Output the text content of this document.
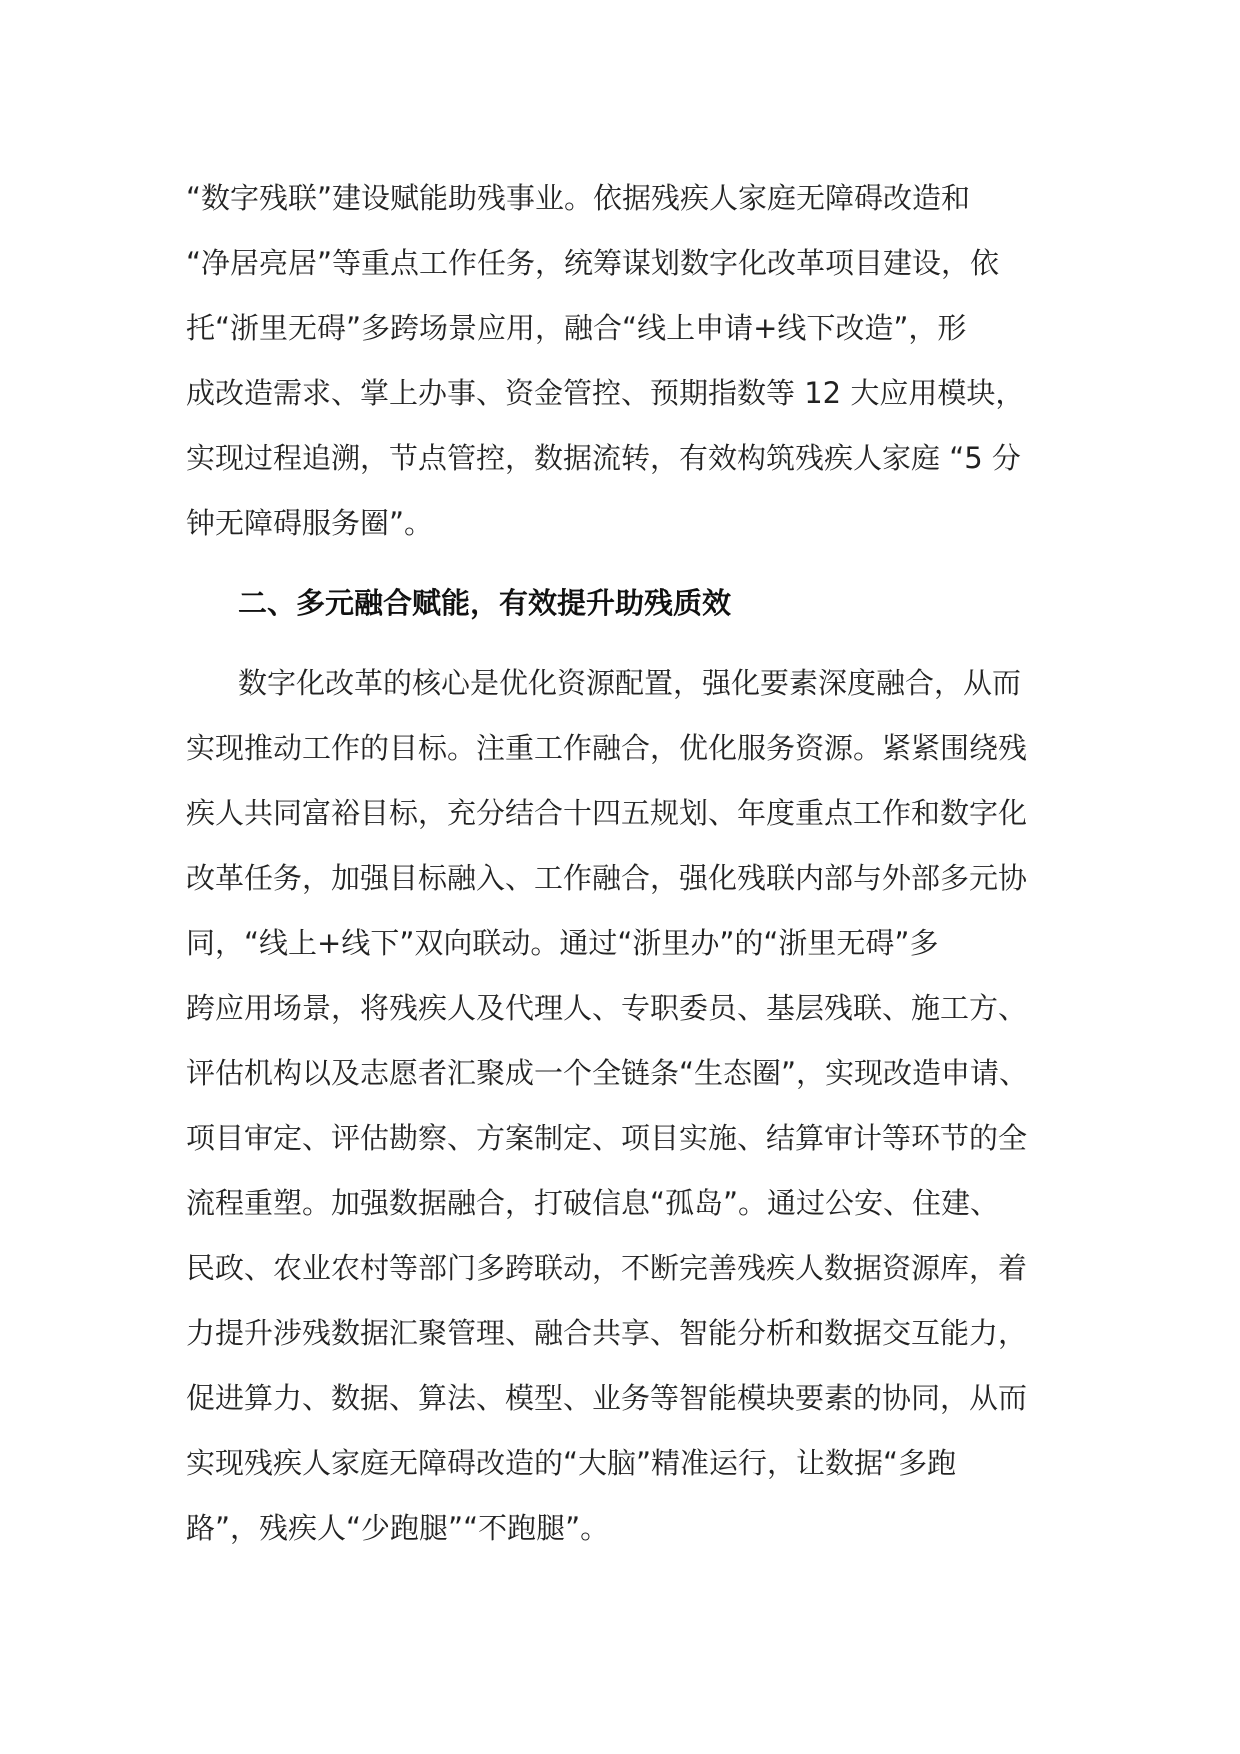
“数字残联”建设赋能助残事业。依据残疾人家庭无障碍改造和
“净居亮居”等重点工作任务，统筹谋划数字化改革项目建设，依
托“浙里无碍”多跨场景应用，融合“线上申请+线下改造”，形
成改造需求、掌上办事、资金管控、预期指数等 12 大应用模块，
实现过程追溯，节点管控，数据流转，有效构筑残疾人家庭 “5 分
钟无障碍服务圈”。
二、多元融合赋能，有效提升助残质效
数字化改革的核心是优化资源配置，强化要素深度融合，从而
实现推动工作的目标。注重工作融合，优化服务资源。紧紧围绕残
疾人共同富裕目标，充分结合十四五规划、年度重点工作和数字化
改革任务，加强目标融入、工作融合，强化残联内部与外部多元协
同，“线上+线下”双向联动。通过“浙里办”的“浙里无碍”多
跨应用场景，将残疾人及代理人、专职委员、基层残联、施工方、
评估机构以及志愿者汇聚成一个全链条“生态圈”，实现改造申请、
项目审定、评估勘察、方案制定、项目实施、结算审计等环节的全
流程重塑。加强数据融合，打破信息“孤岛”。通过公安、住建、
民政、农业农村等部门多跨联动，不断完善残疾人数据资源库，着
力提升涉残数据汇聚管理、融合共享、智能分析和数据交互能力，
促进算力、数据、算法、模型、业务等智能模块要素的协同，从而
实现残疾人家庭无障碍改造的“大脑”精准运行，让数据“多跑
路”，残疾人“少跑腿”“不跑腿”。
